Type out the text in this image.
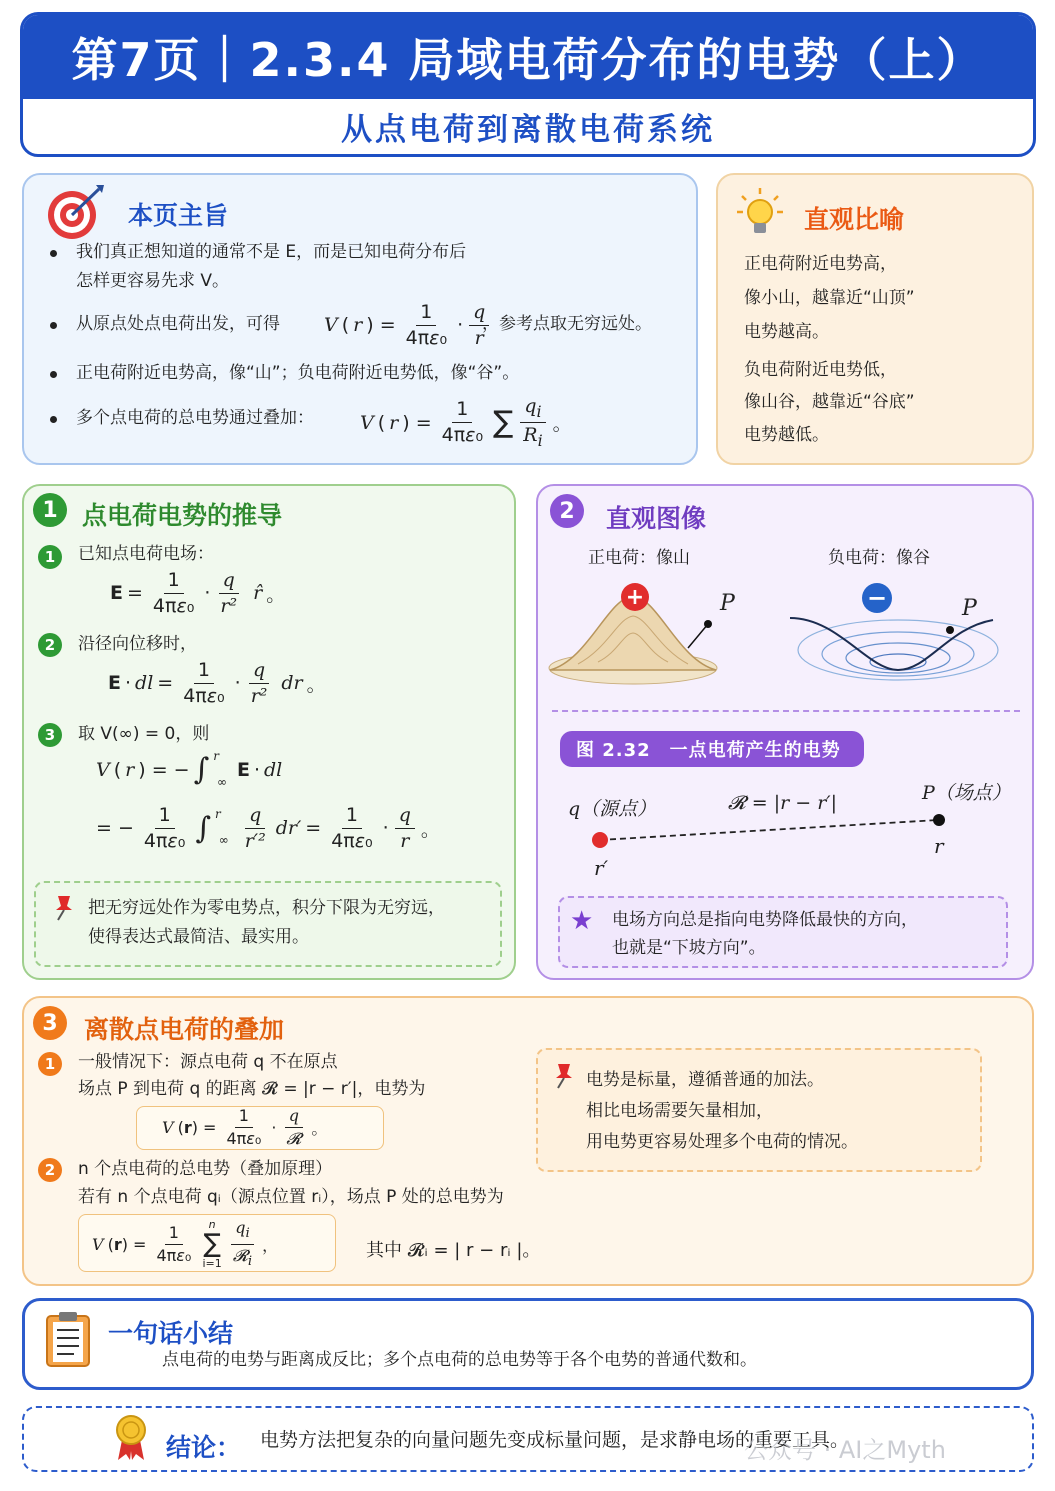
第7页｜2.3.4 局域电荷分布的电势（上）
从点电荷到离散电荷系统
本页主旨
我们真正想知道的通常不是 E，而是已知电荷分布后
怎样更容易先求 V。
从原点处点电荷出发，可得 V ( r ) = $\frac{1}{\text{4πε₀}} \cdot \frac{q}{r}$
，参考点取无穷远处。
正电荷附近电势高，像“山”；负电荷附近电势低，像“谷”。
多个点电荷的总电势通过叠加： V ( r ) = $\frac{1}{\text{4πε₀}}$ ∑ $\frac{q_i}{R_i}$ 。
直观比喻
正电荷附近电势高，
像小山，越靠近“山顶”
电势越高。
负电荷附近电势低，
像山谷，越靠近“谷底”
电势越低。
1 点电荷电势的推导
1	已知点电荷电场：
$E = \frac{1}{\text{4πε₀}} \cdot \frac{q}{\text{r²}}$ r̂ 。
2	沿径向位移时，
E · dl = $\frac{1}{\text{4πε₀}} \cdot \frac{q}{\text{r²}}$ dr 。
3	取 V(∞) = 0，则
V ( r ) = − ∫ r
∞
E · dl
= − $\frac{1}{\text{4πε₀}}$ ∫ r
∞ $\frac{q}{\text{r′²}} dr' = \frac{1}{\text{4πε₀}} \cdot \frac{q}{r}$ 。
把无穷远处作为零电势点，积分下限为无穷远，
使得表达式最简洁、最实用。
2	直观图像
正电荷：像山	负电荷：像谷
+	P	−	P
图 2.32　一点电荷产生的电势
q（源点）	𝓡 = |r − r′|	P（场点）
r′
r
★ 电场方向总是指向电势降低最快的方向，
也就是“下坡方向”。
3	离散点电荷的叠加
1	一般情况下：源点电荷 q 不在原点
场点 P 到电荷 q 的距离 𝓡 = |r − r′|，电势为
V $(r) = \frac{1}{\text{4πε₀}} \cdot \frac{q}{\text{𝓡}}$ 。
2	n 个点电荷的总电势（叠加原理）
若有 n 个点电荷 qᵢ（源点位置 rᵢ），场点 P 处的总电势为
V $(r) = \frac{1}{\text{4πε₀}}$ n
∑
$i=1 \frac{q_i}{𝓡_i}$ ，	其中 𝓡ᵢ = | r − rᵢ |。
电势是标量，遵循普通的加法。
相比电场需要矢量相加，
用电势更容易处理多个电荷的情况。
一句话小结
点电荷的电势与距离成反比；多个点电荷的总电势等于各个电势的普通代数和。
结论： 电势方法把复杂的向量问题先变成标量问题，是求静电场的重要工具。
公众号 · AI之Myth
